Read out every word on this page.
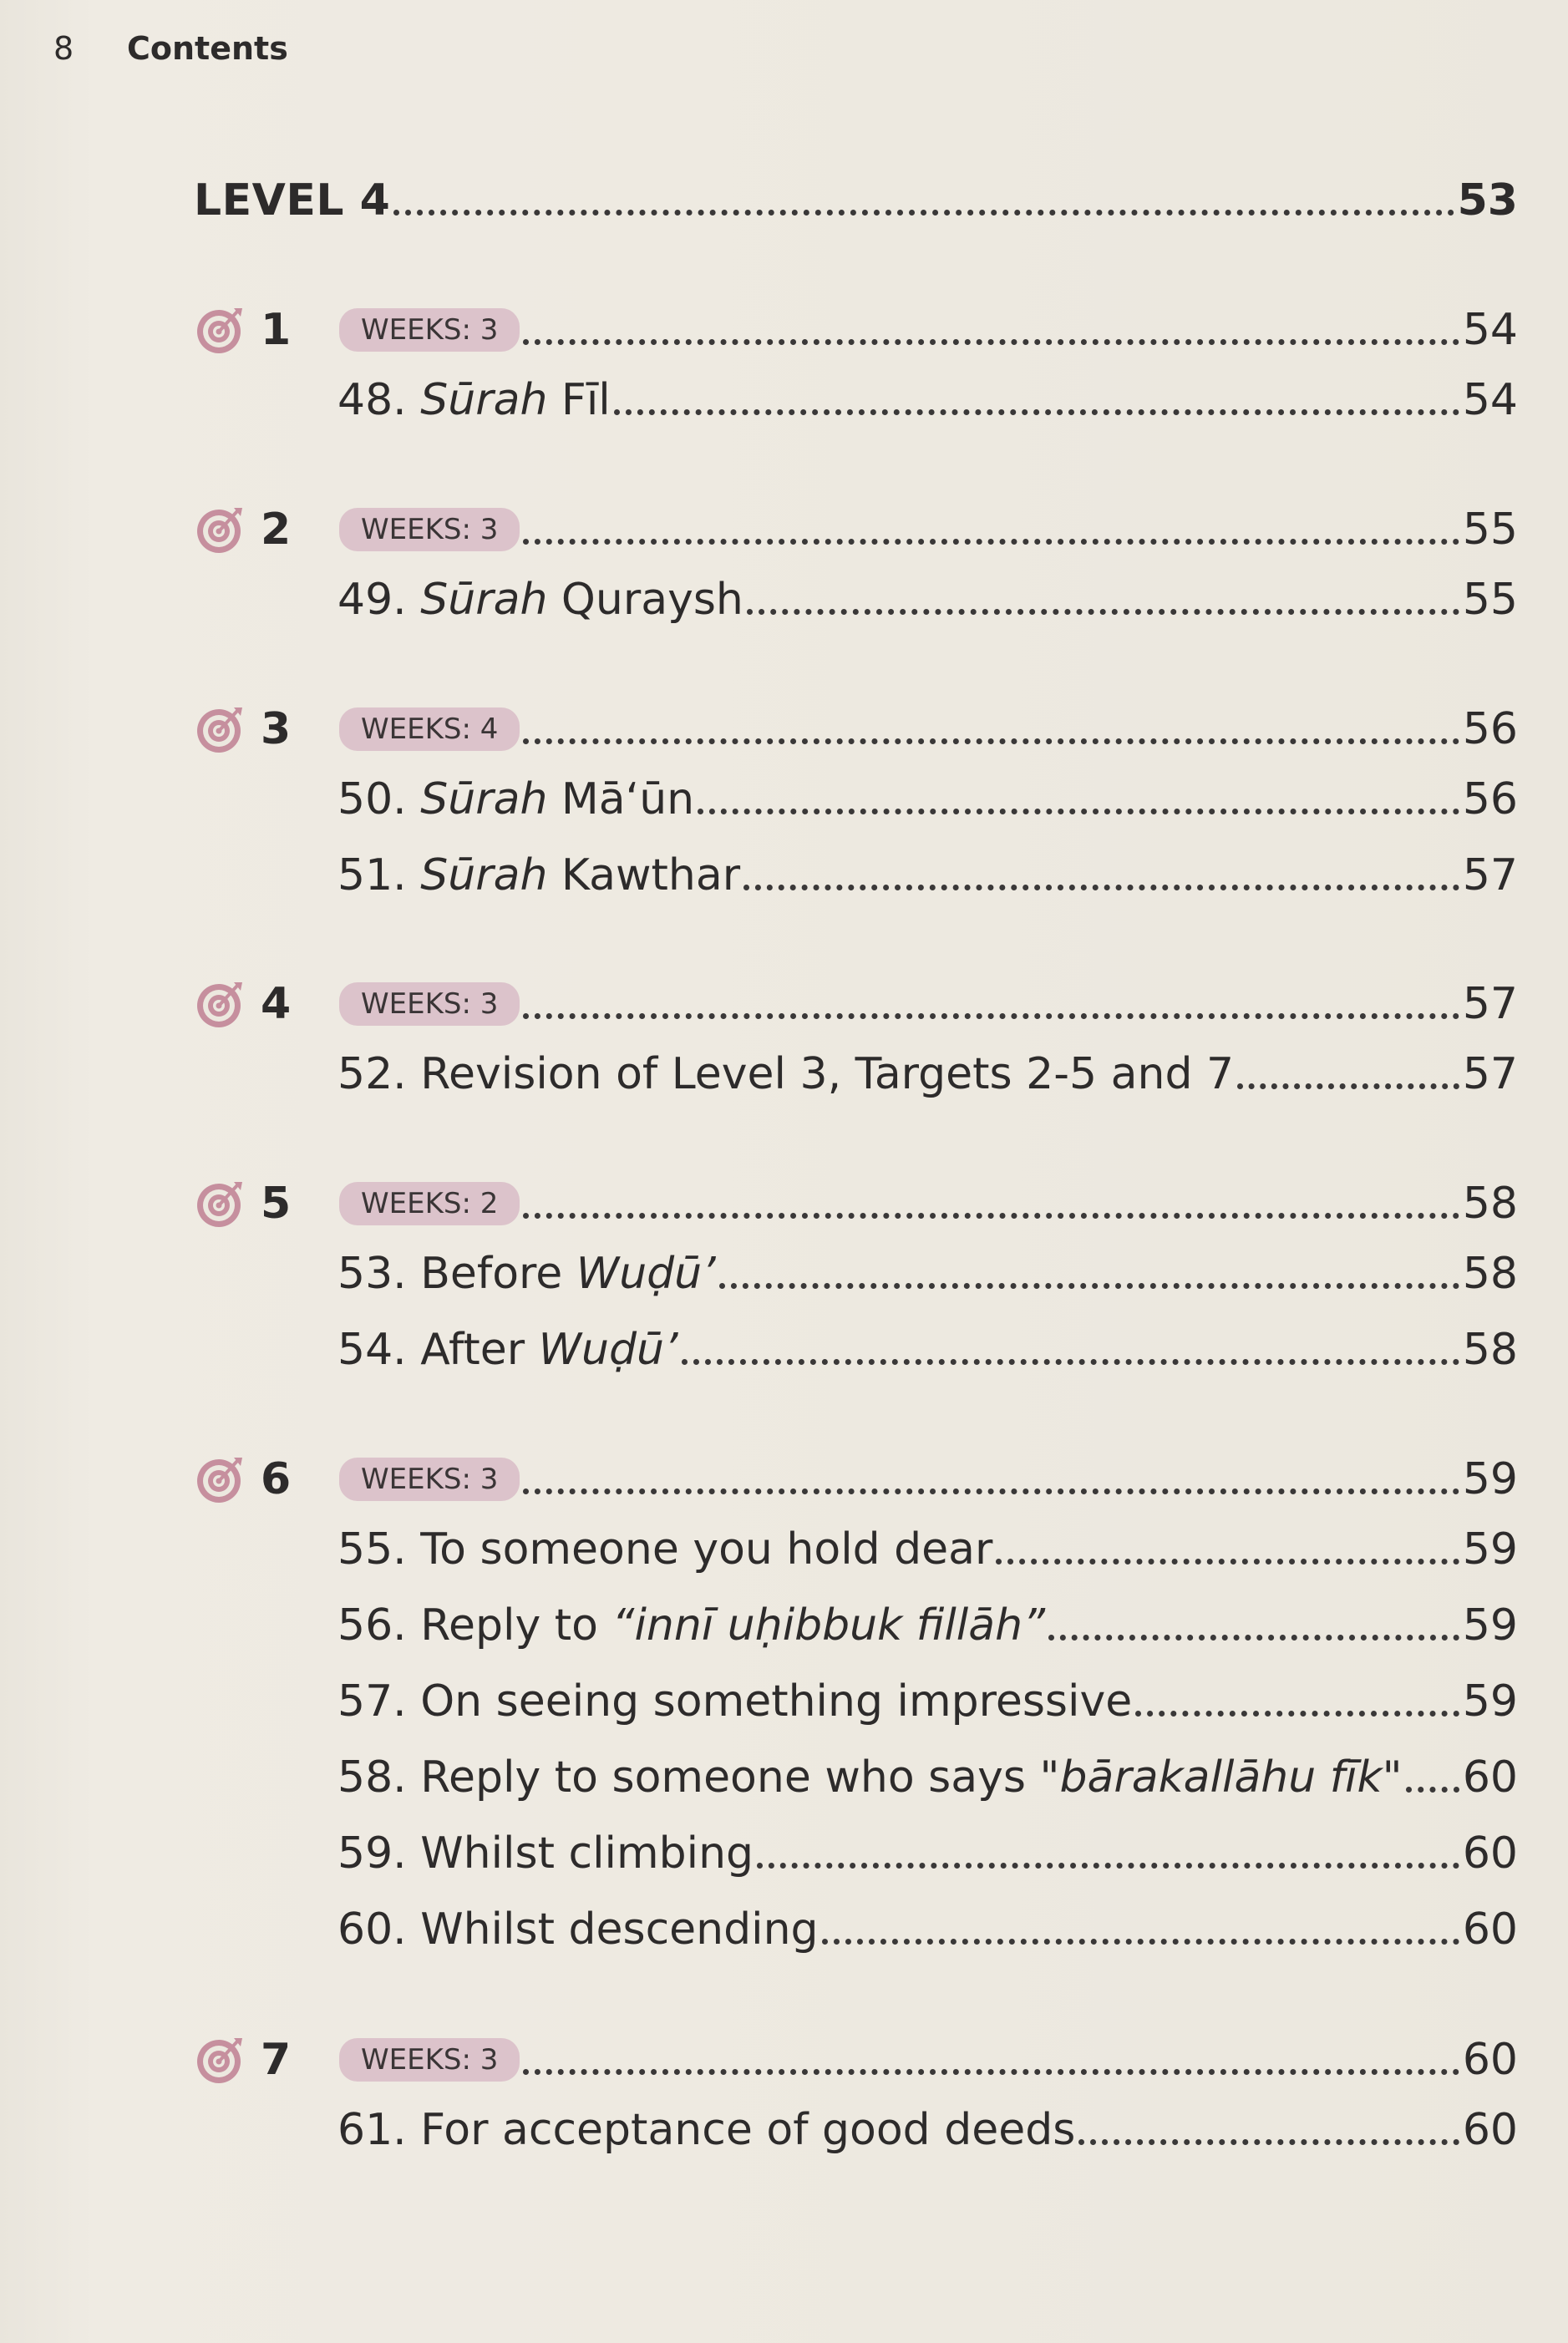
8 Contents
LEVEL 4	53
1	WEEKS: 3	54
48. Sūrah Fīl	54
2	WEEKS: 3	55
49. Sūrah Quraysh	55
3	WEEKS: 4	56
50. Sūrah Mā‘ūn	56
51. Sūrah Kawthar	57
4	WEEKS: 3	57
52. Revision of Level 3, Targets 2-5 and 7	57
5	WEEKS: 2	58
53. Before Wuḍū’	58
54. After Wuḍū’	58
6	WEEKS: 3	59
55. To someone you hold dear	59
56. Reply to “innī uḥibbuk fillāh”	59
57. On seeing something impressive	59
58. Reply to someone who says "bārakallāhu fīk" 60
59. Whilst climbing	60
60. Whilst descending	60
7	WEEKS: 3	60
61. For acceptance of good deeds	60
